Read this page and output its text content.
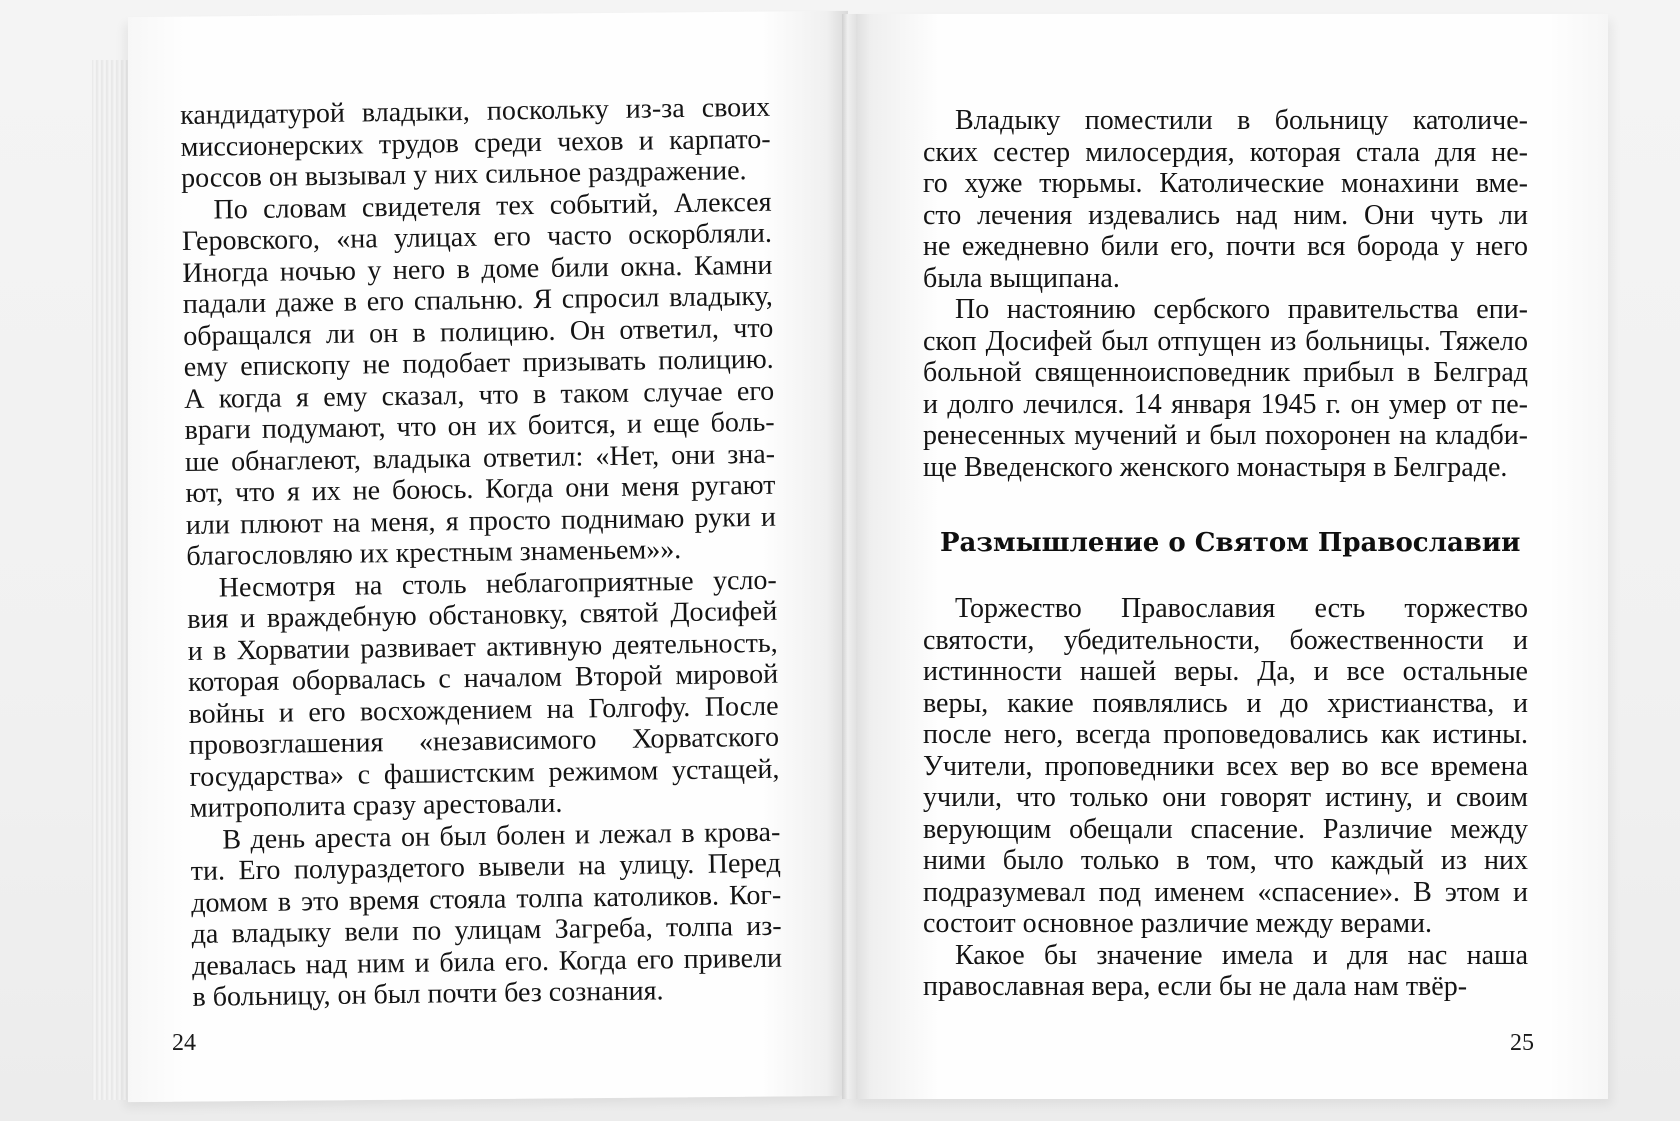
кандидатурой владыки, поскольку из-за своих
миссионерских трудов среди чехов и карпато-
россов он вызывал у них сильное раздражение.
По словам свидетеля тех событий, Алексея
Геровского, «на улицах его часто оскорбляли.
Иногда ночью у него в доме били окна. Камни
падали даже в его спальню. Я спросил владыку,
обращался ли он в полицию. Он ответил, что
ему епископу не подобает призывать полицию.
А когда я ему сказал, что в таком случае его
враги подумают, что он их боится, и еще боль-
ше обнаглеют, владыка ответил: «Нет, они зна-
ют, что я их не боюсь. Когда они меня ругают
или плюют на меня, я просто поднимаю руки и
благословляю их крестным знаменьем»».
Несмотря на столь неблагоприятные усло-
вия и враждебную обстановку, святой Досифей
и в Хорватии развивает активную деятельность,
которая оборвалась с началом Второй мировой
войны и его восхождением на Голгофу. После
провозглашения «независимого Хорватского
государства» с фашистским режимом устащей,
митрополита сразу арестовали.
В день ареста он был болен и лежал в крова-
ти. Его полураздетого вывели на улицу. Перед
домом в это время стояла толпа католиков. Ког-
да владыку вели по улицам Загреба, толпа из-
девалась над ним и била его. Когда его привели
в больницу, он был почти без сознания.
Владыку поместили в больницу католиче-
ских сестер милосердия, которая стала для не-
го хуже тюрьмы. Католические монахини вме-
сто лечения издевались над ним. Они чуть ли
не ежедневно били его, почти вся борода у него
была выщипана.
По настоянию сербского правительства епи-
скоп Досифей был отпущен из больницы. Тяжело
больной священноисповедник прибыл в Белград
и долго лечился. 14 января 1945 г. он умер от пе-
ренесенных мучений и был похоронен на кладби-
ще Введенского женского монастыря в Белграде.
Размышление о Святом Православии
Торжество Православия есть торжество
святости, убедительности, божественности и
истинности нашей веры. Да, и все остальные
веры, какие появлялись и до христианства, и
после него, всегда проповедовались как истины.
Учители, проповедники всех вер во все времена
учили, что только они говорят истину, и своим
верующим обещали спасение. Различие между
ними было только в том, что каждый из них
подразумевал под именем «спасение». В этом и
состоит основное различие между верами.
Какое бы значение имела и для нас наша
православная вера, если бы не дала нам твёр-
24	25
